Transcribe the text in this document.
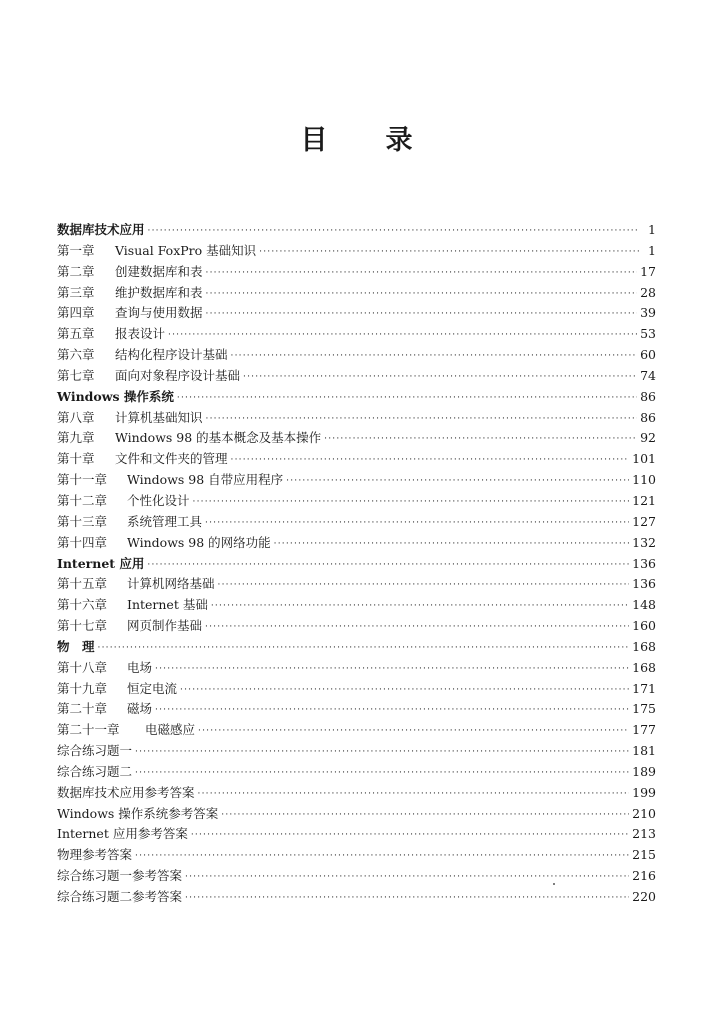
目 录
数据库技术应用 ·····	1
第一章	Visual FoxPro 基础知识 ·····	1
第二章	创建数据库和表 ·····	17
第三章	维护数据库和表 ·····	28
第四章	查询与使用数据 ·····	39
第五章	报表设计 ·····	53
第六章	结构化程序设计基础 ·····	60
第七章	面向对象程序设计基础 ·····	74
Windows 操作系统 ·····	86
第八章	计算机基础知识 ·····	86
第九章	Windows 98 的基本概念及基本操作 ·····	92
第十章	文件和文件夹的管理 ·····	101
第十一章	Windows 98 自带应用程序 ·····	110
第十二章	个性化设计 ·····	121
第十三章	系统管理工具 ·····	127
第十四章	Windows 98 的网络功能 ·····	132
Internet 应用 ·····	136
第十五章	计算机网络基础 ·····	136
第十六章	Internet 基础 ·····	148
第十七章	网页制作基础 ·····	160
物　理 ·····	168
第十八章	电场 ·····	168
第十九章	恒定电流 ·····	171
第二十章	磁场 ·····	175
第二十一章	电磁感应 ·····	177
综合练习题一 ·····	181
综合练习题二 ·····	189
数据库技术应用参考答案 ·····	199
Windows 操作系统参考答案 ·····	210
Internet 应用参考答案 ·····	213
物理参考答案 ·····	215
综合练习题一参考答案 ·····	216
综合练习题二参考答案 ·····	220
